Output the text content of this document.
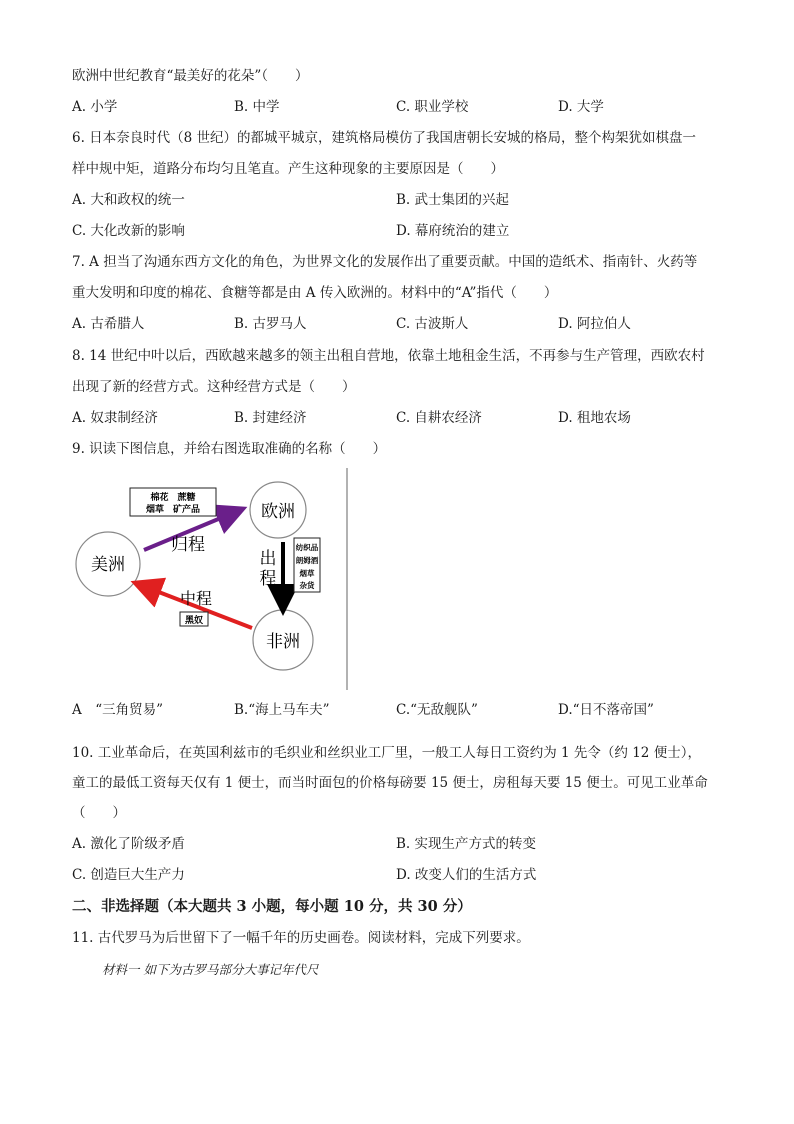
欧洲中世纪教育“最美好的花朵”（　　）
A. 小学	B. 中学	C. 职业学校	D. 大学
6. 日本奈良时代（8 世纪）的都城平城京，建筑格局模仿了我国唐朝长安城的格局，整个构架犹如棋盘一
样中规中矩，道路分布均匀且笔直。产生这种现象的主要原因是（　　）
A. 大和政权的统一	B. 武士集团的兴起
C. 大化改新的影响	D. 幕府统治的建立
7. A 担当了沟通东西方文化的角色，为世界文化的发展作出了重要贡献。中国的造纸术、指南针、火药等
重大发明和印度的棉花、食糖等都是由 A 传入欧洲的。材料中的“A”指代（　　）
A. 古希腊人	B. 古罗马人	C. 古波斯人	D. 阿拉伯人
8. 14 世纪中叶以后，西欧越来越多的领主出租自营地，依靠土地租金生活，不再参与生产管理，西欧农村
出现了新的经营方式。这种经营方式是（　　）
A. 奴隶制经济	B. 封建经济	C. 自耕农经济	D. 租地农场
9. 识读下图信息，并给右图选取准确的名称（　　）
欧洲
美洲
非洲
棉花　蔗糖
烟草　矿产品
归程
出
程
纺织品
朗姆酒
烟草
杂货
中程
黑奴
A　“三角贸易”	B.“海上马车夫”	C.“无敌舰队”	D.“日不落帝国”
10. 工业革命后，在英国利兹市的毛织业和丝织业工厂里，一般工人每日工资约为 1 先令（约 12 便士），
童工的最低工资每天仅有 1 便士，而当时面包的价格每磅要 15 便士，房租每天要 15 便士。可见工业革命
（　　）
A. 激化了阶级矛盾	B. 实现生产方式的转变
C. 创造巨大生产力	D. 改变人们的生活方式
二、非选择题（本大题共 3 小题，每小题 10 分，共 30 分）
11. 古代罗马为后世留下了一幅千年的历史画卷。阅读材料，完成下列要求。
材料一 如下为古罗马部分大事记年代尺
